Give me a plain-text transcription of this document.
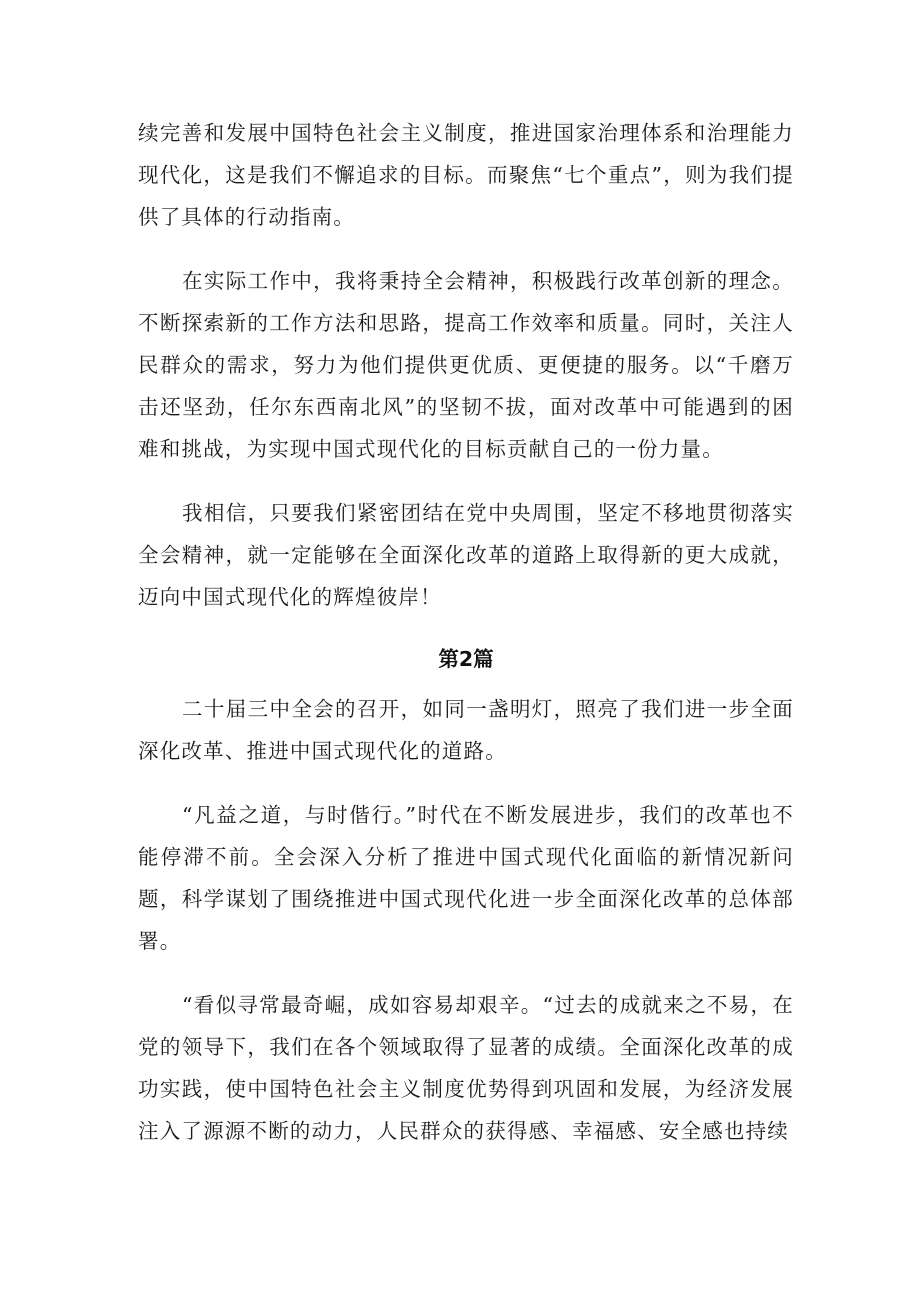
续完善和发展中国特色社会主义制度，推进国家治理体系和治理能力现代化，这是我们不懈追求的目标。而聚焦“七个重点”，则为我们提供了具体的行动指南。

在实际工作中，我将秉持全会精神，积极践行改革创新的理念。不断探索新的工作方法和思路，提高工作效率和质量。同时，关注人民群众的需求，努力为他们提供更优质、更便捷的服务。以“千磨万击还坚劲，任尔东西南北风”的坚韧不拔，面对改革中可能遇到的困难和挑战，为实现中国式现代化的目标贡献自己的一份力量。

我相信，只要我们紧密团结在党中央周围，坚定不移地贯彻落实全会精神，就一定能够在全面深化改革的道路上取得新的更大成就，迈向中国式现代化的辉煌彼岸！

第2篇

二十届三中全会的召开，如同一盏明灯，照亮了我们进一步全面深化改革、推进中国式现代化的道路。

“凡益之道，与时偕行。”时代在不断发展进步，我们的改革也不能停滞不前。全会深入分析了推进中国式现代化面临的新情况新问题，科学谋划了围绕推进中国式现代化进一步全面深化改革的总体部署。

“看似寻常最奇崛，成如容易却艰辛。“过去的成就来之不易，在党的领导下，我们在各个领域取得了显著的成绩。全面深化改革的成功实践，使中国特色社会主义制度优势得到巩固和发展，为经济发展注入了源源不断的动力，人民群众的获得感、幸福感、安全感也持续
